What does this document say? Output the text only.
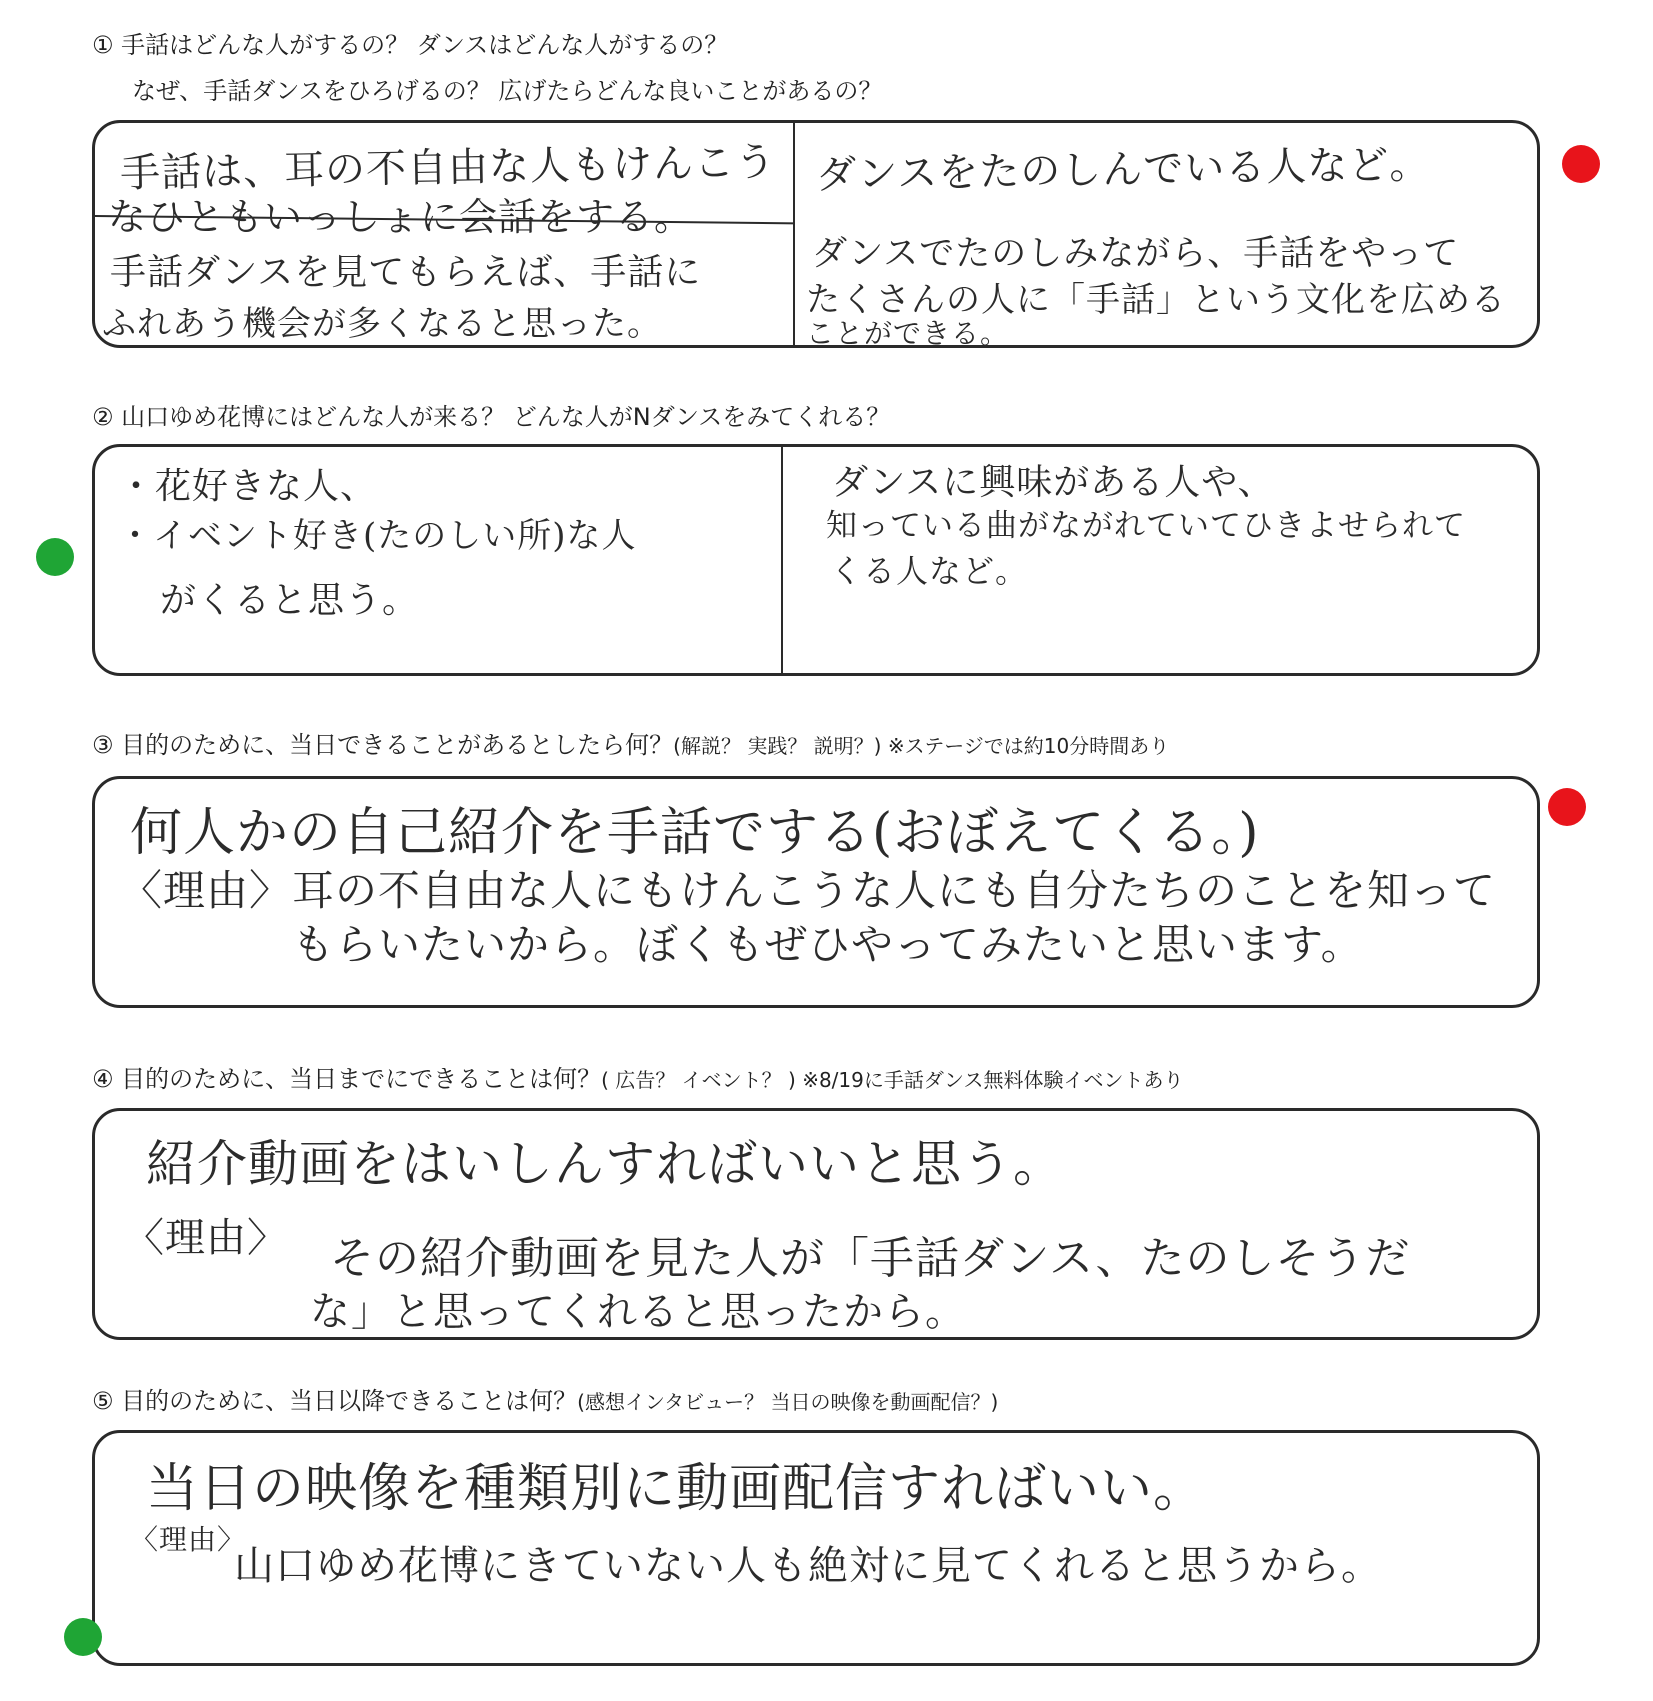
① 手話はどんな人がするの？ ダンスはどんな人がするの？
なぜ、手話ダンスをひろげるの？ 広げたらどんな良いことがあるの？
手話は、耳の不自由な人もけんこう
なひともいっしょに会話をする。
ダンスをたのしんでいる人など。
手話ダンスを見てもらえば、手話に
ふれあう機会が多くなると思った。
ダンスでたのしみながら、手話をやって
たくさんの人に「手話」という文化を広める
ことができる。
② 山口ゆめ花博にはどんな人が来る？ どんな人がNダンスをみてくれる？
・花好きな人、
・イベント好き(たのしい所)な人
がくると思う。
ダンスに興味がある人や、
知っている曲がながれていてひきよせられて
くる人など。
③ 目的のために、当日できることがあるとしたら何？(解説？ 実践？ 説明？) ※ステージでは約10分時間あり
何人かの自己紹介を手話でする(おぼえてくる。)
〈理由〉耳の不自由な人にもけんこうな人にも自分たちのことを知って
もらいたいから。ぼくもぜひやってみたいと思います。
④ 目的のために、当日までにできることは何？( 広告？ イベント？ ) ※8/19に手話ダンス無料体験イベントあり
紹介動画をはいしんすればいいと思う。
〈理由〉 その紹介動画を見た人が「手話ダンス、たのしそうだ
な」と思ってくれると思ったから。
⑤ 目的のために、当日以降できることは何？(感想インタビュー？ 当日の映像を動画配信？)
当日の映像を種類別に動画配信すればいい。
〈理由〉
山口ゆめ花博にきていない人も絶対に見てくれると思うから。
